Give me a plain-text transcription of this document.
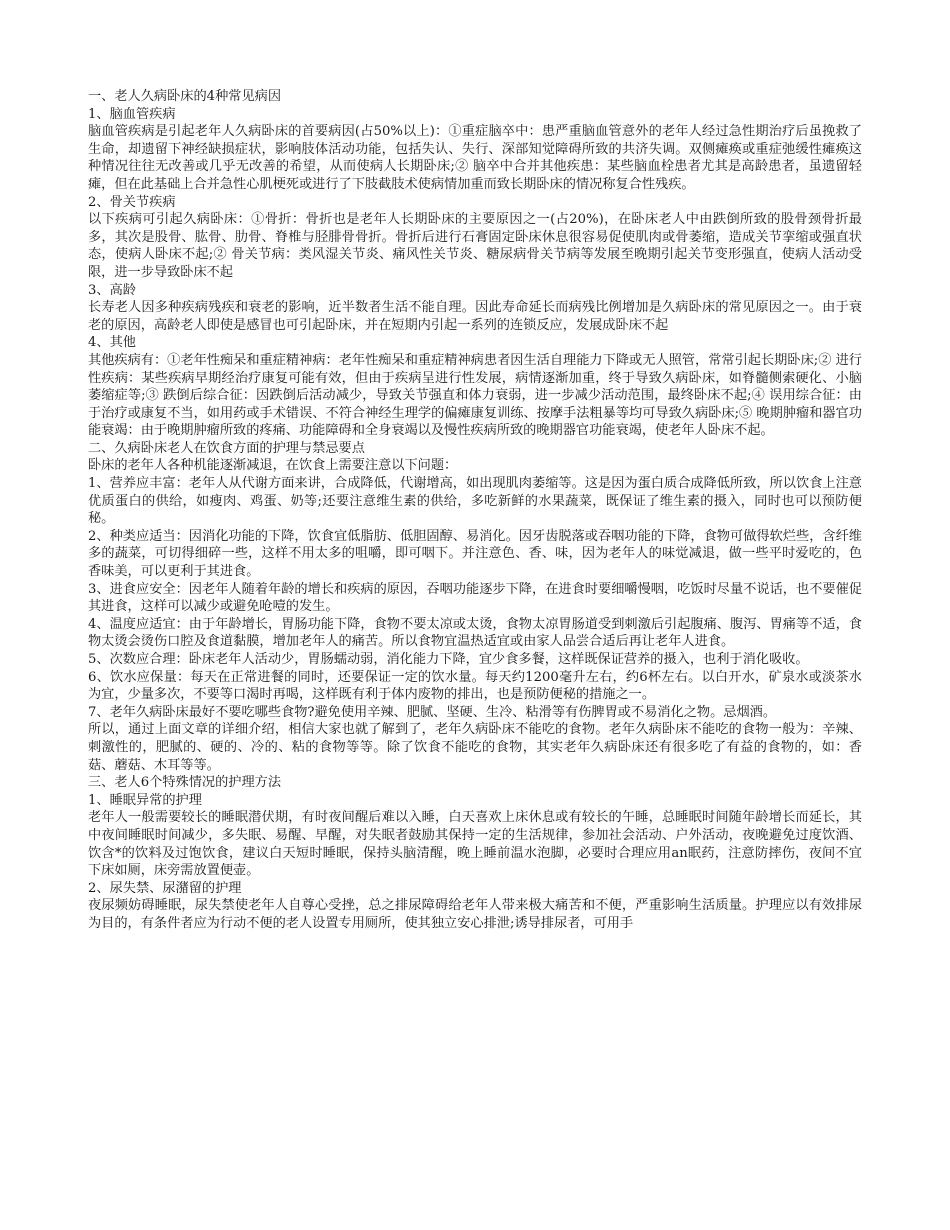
一、老人久病卧床的4种常见病因

1、脑血管疾病

脑血管疾病是引起老年人久病卧床的首要病因(占50%以上)：①重症脑卒中：患严重脑血管意外的老年人经过急性期治疗后虽挽救了生命，却遗留下神经缺损症状，影响肢体活动功能，包括失认、失行、深部知觉障碍所致的共济失调。双侧瘫痪或重症弛缓性瘫痪这种情况往往无改善或几乎无改善的希望，从而使病人长期卧床;② 脑卒中合并其他疾患：某些脑血栓患者尤其是高龄患者，虽遗留轻瘫，但在此基础上合并急性心肌梗死或进行了下肢截肢术使病情加重而致长期卧床的情况称复合性残疾。

2、骨关节疾病

以下疾病可引起久病卧床：①骨折：骨折也是老年人长期卧床的主要原因之一(占20%)，在卧床老人中由跌倒所致的股骨颈骨折最多，其次是股骨、肱骨、肋骨、脊椎与胫腓骨骨折。骨折后进行石膏固定卧床休息很容易促使肌肉或骨萎缩，造成关节挛缩或强直状态，使病人卧床不起;② 骨关节病：类风湿关节炎、痛风性关节炎、糖尿病骨关节病等发展至晚期引起关节变形强直，使病人活动受限，进一步导致卧床不起

3、高龄

长寿老人因多种疾病残疾和衰老的影响，近半数者生活不能自理。因此寿命延长而病残比例增加是久病卧床的常见原因之一。由于衰老的原因，高龄老人即使是感冒也可引起卧床，并在短期内引起一系列的连锁反应，发展成卧床不起

4、其他

其他疾病有：①老年性痴呆和重症精神病：老年性痴呆和重症精神病患者因生活自理能力下降或无人照管，常常引起长期卧床;② 进行性疾病：某些疾病早期经治疗康复可能有效，但由于疾病呈进行性发展，病情逐渐加重，终于导致久病卧床，如脊髓侧索硬化、小脑萎缩症等;③ 跌倒后综合征：因跌倒后活动减少，导致关节强直和体力衰弱，进一步减少活动范围，最终卧床不起;④ 误用综合征：由于治疗或康复不当，如用药或手术错误、不符合神经生理学的偏瘫康复训练、按摩手法粗暴等均可导致久病卧床;⑤ 晚期肿瘤和器官功能衰竭：由于晚期肿瘤所致的疼痛、功能障碍和全身衰竭以及慢性疾病所致的晚期器官功能衰竭，使老年人卧床不起。

二、久病卧床老人在饮食方面的护理与禁忌要点

卧床的老年人各种机能逐渐减退，在饮食上需要注意以下问题：

1、营养应丰富：老年人从代谢方面来讲，合成降低，代谢增高，如出现肌肉萎缩等。这是因为蛋白质合成降低所致，所以饮食上注意优质蛋白的供给，如瘦肉、鸡蛋、奶等;还要注意维生素的供给，多吃新鲜的水果蔬菜，既保证了维生素的摄入，同时也可以预防便秘。

2、种类应适当：因消化功能的下降，饮食宜低脂肪、低胆固醇、易消化。因牙齿脱落或吞咽功能的下降，食物可做得软烂些，含纤维多的蔬菜，可切得细碎一些，这样不用太多的咀嚼，即可咽下。并注意色、香、味，因为老年人的味觉减退，做一些平时爱吃的，色香味美，可以更利于其进食。

3、进食应安全：因老年人随着年龄的增长和疾病的原因，吞咽功能逐步下降，在进食时要细嚼慢咽，吃饭时尽量不说话，也不要催促其进食，这样可以减少或避免呛噎的发生。

4、温度应适宜：由于年龄增长，胃肠功能下降，食物不要太凉或太烫，食物太凉胃肠道受到刺激后引起腹痛、腹泻、胃痛等不适，食物太烫会烫伤口腔及食道黏膜，增加老年人的痛苦。所以食物宜温热适宜或由家人品尝合适后再让老年人进食。

5、次数应合理：卧床老年人活动少，胃肠蠕动弱，消化能力下降，宜少食多餐，这样既保证营养的摄入，也利于消化吸收。

6、饮水应保量：每天在正常进餐的同时，还要保证一定的饮水量。每天约1200毫升左右，约6杯左右。以白开水，矿泉水或淡茶水为宜，少量多次，不要等口渴时再喝，这样既有利于体内废物的排出，也是预防便秘的措施之一。

7、老年久病卧床最好不要吃哪些食物?避免使用辛辣、肥腻、坚硬、生冷、粘滑等有伤脾胃或不易消化之物。忌烟酒。

所以，通过上面文章的详细介绍，相信大家也就了解到了，老年久病卧床不能吃的食物。老年久病卧床不能吃的食物一般为：辛辣、刺激性的，肥腻的、硬的、冷的、粘的食物等等。除了饮食不能吃的食物，其实老年久病卧床还有很多吃了有益的食物的，如：香菇、蘑菇、木耳等等。

三、老人6个特殊情况的护理方法

1、睡眠异常的护理

老年人一般需要较长的睡眠潜伏期，有时夜间醒后难以入睡，白天喜欢上床休息或有较长的午睡，总睡眠时间随年龄增长而延长，其中夜间睡眠时间减少，多失眠、易醒、早醒，对失眠者鼓励其保持一定的生活规律，参加社会活动、户外活动，夜晚避免过度饮酒、饮含*的饮料及过饱饮食，建议白天短时睡眠，保持头脑清醒，晚上睡前温水泡脚，必要时合理应用an眠药，注意防摔伤，夜间不宜下床如厕，床旁需放置便壶。

2、尿失禁、尿潴留的护理

夜尿频妨碍睡眠，尿失禁使老年人自尊心受挫，总之排尿障碍给老年人带来极大痛苦和不便，严重影响生活质量。护理应以有效排尿为目的，有条件者应为行动不便的老人设置专用厕所，使其独立安心排泄;诱导排尿者，可用手
